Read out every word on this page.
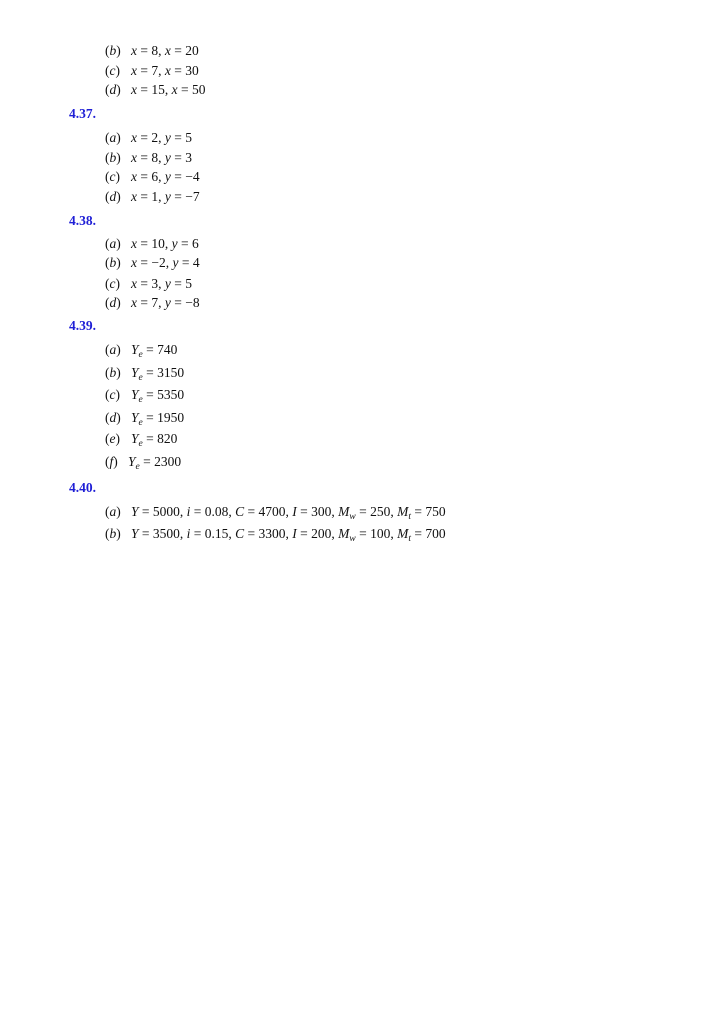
(b) x = 8, x = 20
(c) x = 7, x = 30
(d) x = 15, x = 50
4.37.
(a) x = 2, y = 5
(b) x = 8, y = 3
(c) x = 6, y = −4
(d) x = 1, y = −7
4.38.
(a) x = 10, y = 6
(b) x = −2, y = 4
(c) x = 3, y = 5
(d) x = 7, y = −8
4.39.
(a) $Y_e = 740$
(b) $Y_e = 3150$
(c) $Y_e = 5350$
(d) $Y_e = 1950$
(e) $Y_e = 820$
(f) $Y_e = 2300$
4.40.
(a) Y = 5000, i = 0.08, C = 4700, I = 300, $M_w = 250$, $M_t = 750$
(b) Y = 3500, i = 0.15, C = 3300, I = 200, $M_w = 100$, $M_t = 700$
